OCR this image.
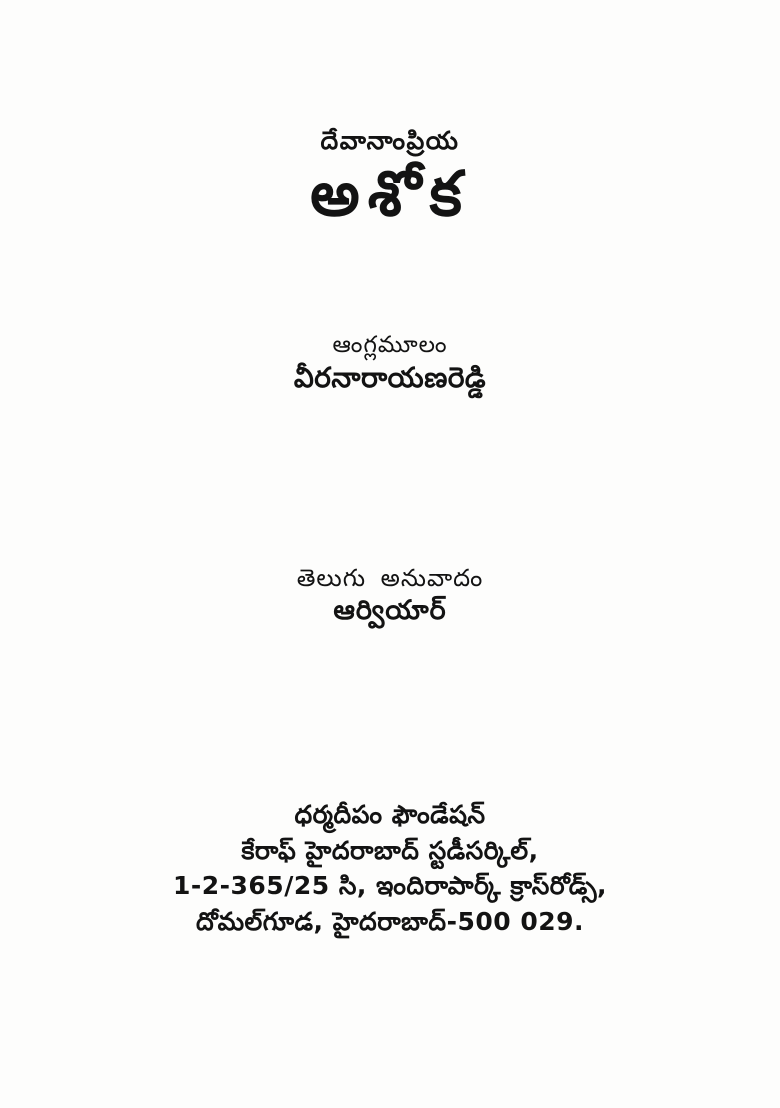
దేవానాంప్రియ
అశోక
ఆంగ్లమూలం
వీరనారాయణరెడ్డి
తెలుగు అనువాదం
ఆర్వియార్
ధర్మదీపం ఫౌండేషన్
కేరాఫ్ హైదరాబాద్ స్టడీసర్కిల్,
1-2-365/25 సి, ఇందిరాపార్క్ క్రాస్‌రోడ్స్,
దోమల్‌గూడ, హైదరాబాద్-500 029.
